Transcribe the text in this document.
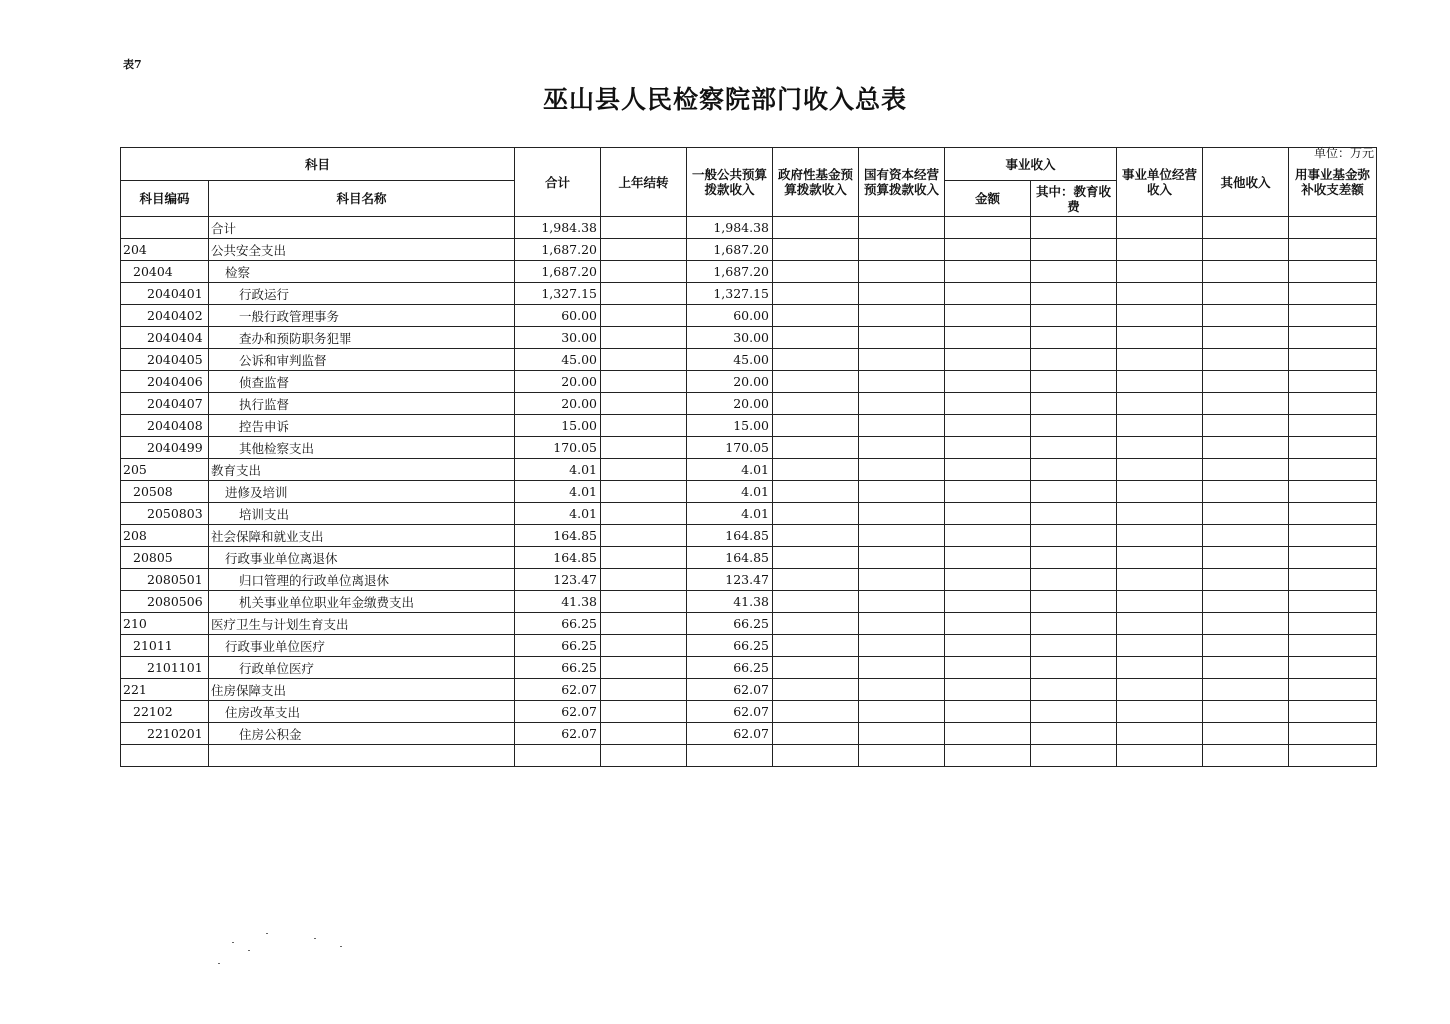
表7
巫山县人民检察院部门收入总表
单位：万元
科目		合计	上年结转	一般公共预算拨款收入	政府性基金预算拨款收入	国有资本经营预算拨款收入	事业收入		事业单位经营收入	其他收入	用事业基金弥补收支差额
科目编码	科目名称						金额	其中：教育收费			

	合计	1,984.38		1,984.38							
204	公共安全支出	1,687.20		1,687.20							
20404	检察	1,687.20		1,687.20							
2040401	行政运行	1,327.15		1,327.15							
2040402	一般行政管理事务	60.00		60.00							
2040404	查办和预防职务犯罪	30.00		30.00							
2040405	公诉和审判监督	45.00		45.00							
2040406	侦查监督	20.00		20.00							
2040407	执行监督	20.00		20.00							
2040408	控告申诉	15.00		15.00							
2040499	其他检察支出	170.05		170.05							
205	教育支出	4.01		4.01							
20508	进修及培训	4.01		4.01							
2050803	培训支出	4.01		4.01							
208	社会保障和就业支出	164.85		164.85							
20805	行政事业单位离退休	164.85		164.85							
2080501	归口管理的行政单位离退休	123.47		123.47							
2080506	机关事业单位职业年金缴费支出	41.38		41.38							
210	医疗卫生与计划生育支出	66.25		66.25							
21011	行政事业单位医疗	66.25		66.25							
2101101	行政单位医疗	66.25		66.25							
221	住房保障支出	62.07		62.07							
22102	住房改革支出	62.07		62.07							
2210201	住房公积金	62.07		62.07							
